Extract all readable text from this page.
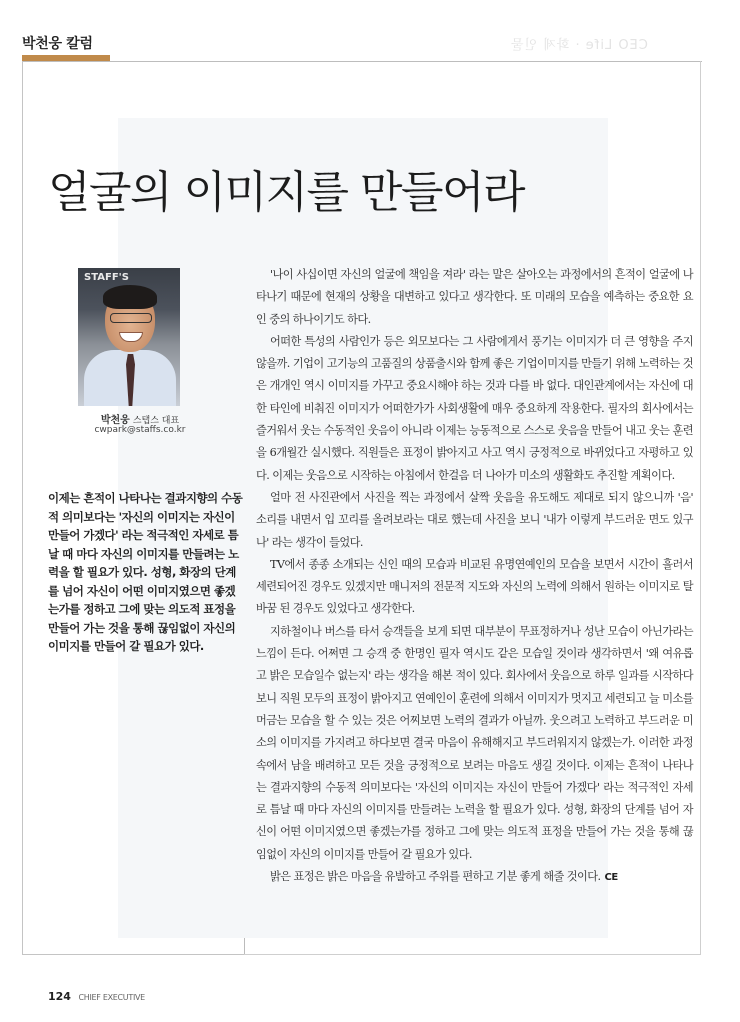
CEO Life · 화제 인물
박천웅 칼럼
얼굴의 이미지를 만들어라
STAFF'S
박천웅 스탭스 대표
cwpark@staffs.co.kr
이제는 흔적이 나타나는 결과지향의 수동적 의미보다는 '자신의 이미지는 자신이 만들어 가겠다' 라는 적극적인 자세로 틈날 때 마다 자신의 이미지를 만들려는 노력을 할 필요가 있다. 성형, 화장의 단계를 넘어 자신이 어떤 이미지였으면 좋겠는가를 정하고 그에 맞는 의도적 표정을 만들어 가는 것을 통해 끊임없이 자신의 이미지를 만들어 갈 필요가 있다.

'나이 사십이면 자신의 얼굴에 책임을 져라' 라는 말은 살아오는 과정에서의 흔적이 얼굴에 나타나기 때문에 현재의 상황을 대변하고 있다고 생각한다. 또 미래의 모습을 예측하는 중요한 요인 중의 하나이기도 하다.

어떠한 특성의 사람인가 등은 외모보다는 그 사람에게서 풍기는 이미지가 더 큰 영향을 주지 않을까. 기업이 고기능의 고품질의 상품출시와 함께 좋은 기업이미지를 만들기 위해 노력하는 것은 개개인 역시 이미지를 가꾸고 중요시해야 하는 것과 다를 바 없다. 대인관계에서는 자신에 대한 타인에 비춰진 이미지가 어떠한가가 사회생활에 매우 중요하게 작용한다. 필자의 회사에서는 즐거워서 웃는 수동적인 웃음이 아니라 이제는 능동적으로 스스로 웃음을 만들어 내고 웃는 훈련을 6개월간 실시했다. 직원들은 표정이 밝아지고 사고 역시 긍정적으로 바뀌었다고 자평하고 있다. 이제는 웃음으로 시작하는 아침에서 한걸음 더 나아가 미소의 생활화도 추진할 계획이다.

얼마 전 사진관에서 사진을 찍는 과정에서 살짝 웃음을 유도해도 제대로 되지 않으니까 '음' 소리를 내면서 입 꼬리를 올려보라는 대로 했는데 사진을 보니 '내가 이렇게 부드러운 면도 있구나' 라는 생각이 들었다.

TV에서 종종 소개되는 신인 때의 모습과 비교된 유명연예인의 모습을 보면서 시간이 흘러서 세련되어진 경우도 있겠지만 매니저의 전문적 지도와 자신의 노력에 의해서 원하는 이미지로 탈바꿈 된 경우도 있었다고 생각한다.

지하철이나 버스를 타서 승객들을 보게 되면 대부분이 무표정하거나 성난 모습이 아닌가라는 느낌이 든다. 어쩌면 그 승객 중 한명인 필자 역시도 같은 모습일 것이라 생각하면서 '왜 여유롭고 밝은 모습일수 없는지' 라는 생각을 해본 적이 있다. 회사에서 웃음으로 하루 일과를 시작하다보니 직원 모두의 표정이 밝아지고 연예인이 훈련에 의해서 이미지가 멋지고 세련되고 늘 미소를 머금는 모습을 할 수 있는 것은 어찌보면 노력의 결과가 아닐까. 웃으려고 노력하고 부드러운 미소의 이미지를 가지려고 하다보면 결국 마음이 유해해지고 부드러워지지 않겠는가. 이러한 과정 속에서 남을 배려하고 모든 것을 긍정적으로 보려는 마음도 생길 것이다. 이제는 흔적이 나타나는 결과지향의 수동적 의미보다는 '자신의 이미지는 자신이 만들어 가겠다' 라는 적극적인 자세로 틈날 때 마다 자신의 이미지를 만들려는 노력을 할 필요가 있다. 성형, 화장의 단계를 넘어 자신이 어떤 이미지였으면 좋겠는가를 정하고 그에 맞는 의도적 표정을 만들어 가는 것을 통해 끊임없이 자신의 이미지를 만들어 갈 필요가 있다.

밝은 표정은 밝은 마음을 유발하고 주위를 편하고 기분 좋게 해줄 것이다. CE

124 CHIEF EXECUTIVE
